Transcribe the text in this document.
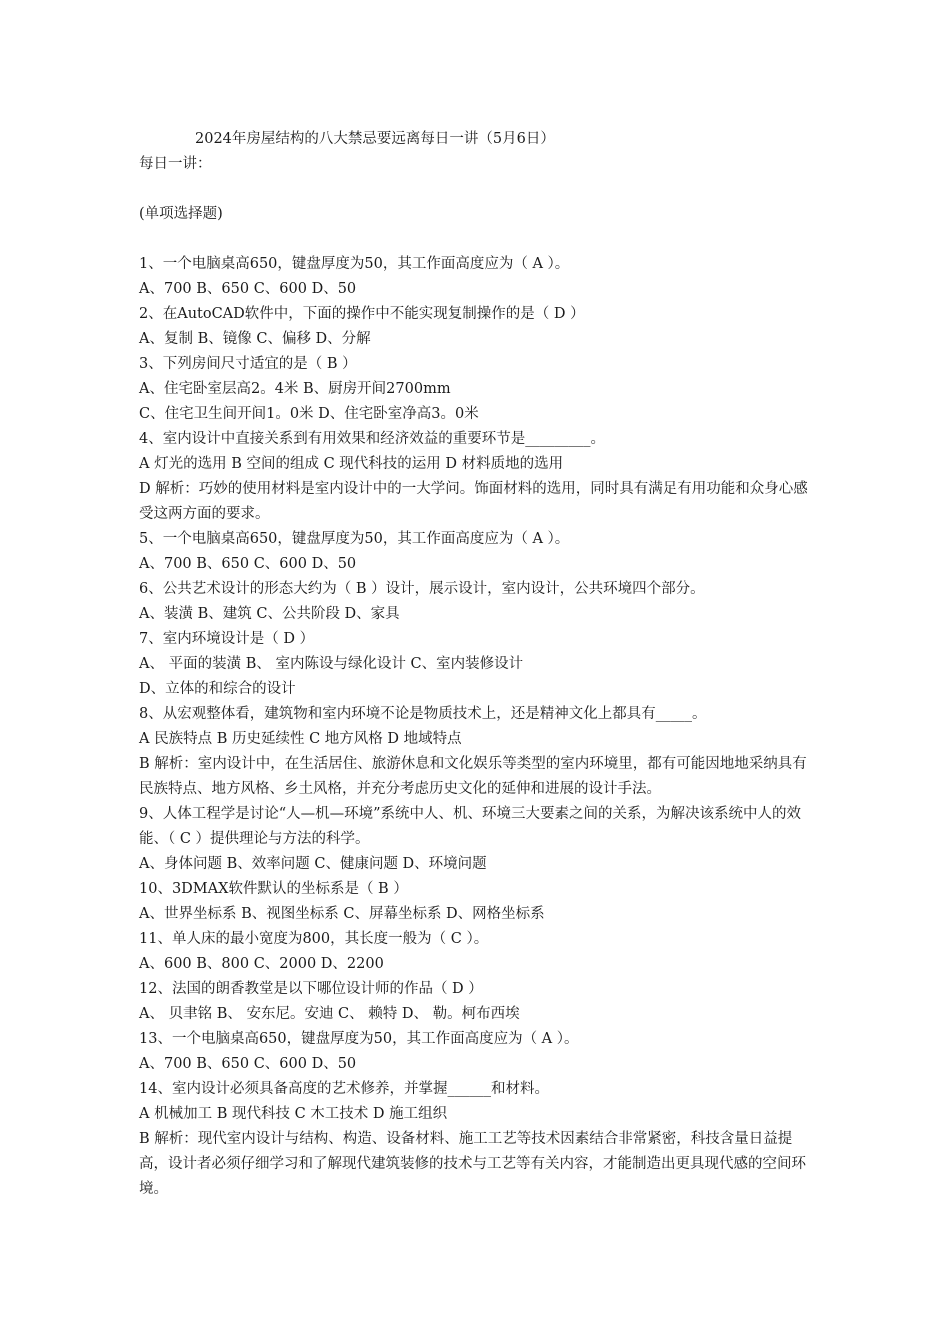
2024年房屋结构的八大禁忌要远离每日一讲（5月6日）
每日一讲：
(单项选择题)
1、一个电脑桌高650，键盘厚度为50，其工作面高度应为（ A ）。
A、700 B、650 C、600 D、50
2、在AutoCAD软件中，下面的操作中不能实现复制操作的是（ D ）
A、复制 B、镜像 C、偏移 D、分解
3、下列房间尺寸适宜的是（ B ）
A、住宅卧室层高2。4米 B、厨房开间2700mm
C、住宅卫生间开间1。0米 D、住宅卧室净高3。0米
4、室内设计中直接关系到有用效果和经济效益的重要环节是_________。
A 灯光的选用 B 空间的组成 C 现代科技的运用 D 材料质地的选用
D 解析：巧妙的使用材料是室内设计中的一大学问。饰面材料的选用，同时具有满足有用功能和众身心感受这两方面的要求。
5、一个电脑桌高650，键盘厚度为50，其工作面高度应为（ A ）。
A、700 B、650 C、600 D、50
6、公共艺术设计的形态大约为（ B ）设计，展示设计，室内设计，公共环境四个部分。
A、装潢 B、建筑 C、公共阶段 D、家具
7、室内环境设计是（ D ）
A、 平面的装潢 B、 室内陈设与绿化设计 C、室内装修设计
D、立体的和综合的设计
8、从宏观整体看，建筑物和室内环境不论是物质技术上，还是精神文化上都具有_____。
A 民族特点 B 历史延续性 C 地方风格 D 地域特点
B 解析：室内设计中，在生活居住、旅游休息和文化娱乐等类型的室内环境里，都有可能因地地采纳具有民族特点、地方风格、乡土风格，并充分考虑历史文化的延伸和进展的设计手法。
9、人体工程学是讨论“人—机—环境”系统中人、机、环境三大要素之间的关系，为解决该系统中人的效能、（ C ）提供理论与方法的科学。
A、身体问题 B、效率问题 C、健康问题 D、环境问题
10、3DMAX软件默认的坐标系是（ B ）
A、世界坐标系 B、视图坐标系 C、屏幕坐标系 D、网格坐标系
11、单人床的最小宽度为800，其长度一般为（ C ）。
A、600 B、800 C、2000 D、2200
12、法国的朗香教堂是以下哪位设计师的作品（ D ）
A、 贝聿铭 B、 安东尼。安迪 C、 赖特 D、 勒。柯布西埃
13、一个电脑桌高650，键盘厚度为50，其工作面高度应为（ A ）。
A、700 B、650 C、600 D、50
14、室内设计必须具备高度的艺术修养，并掌握______和材料。
A 机械加工 B 现代科技 C 木工技术 D 施工组织
B 解析：现代室内设计与结构、构造、设备材料、施工工艺等技术因素结合非常紧密，科技含量日益提高，设计者必须仔细学习和了解现代建筑装修的技术与工艺等有关内容，才能制造出更具现代感的空间环境。
